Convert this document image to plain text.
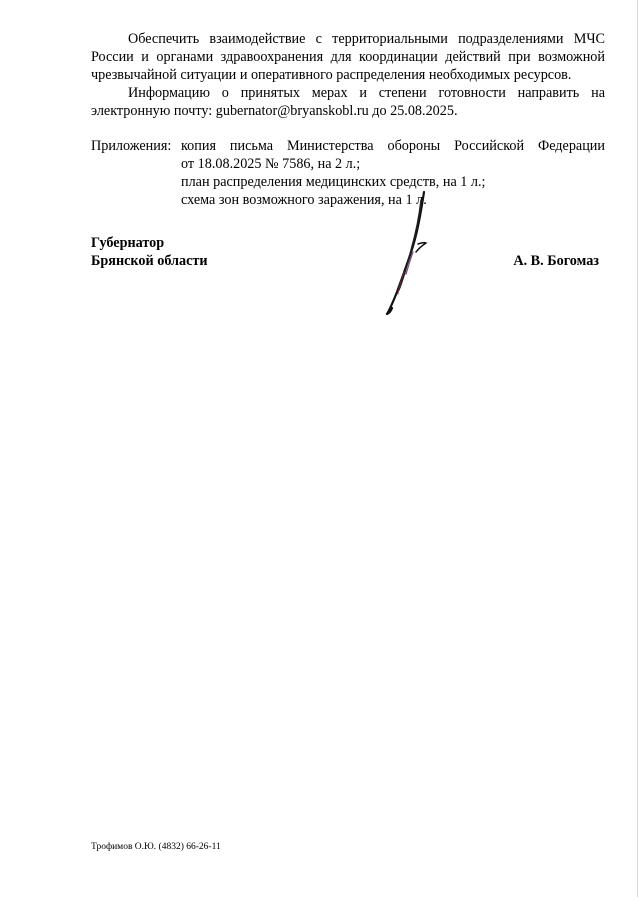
Обеспечить взаимодействие с территориальными подразделениями МЧС России и органами здравоохранения для координации действий при возможной чрезвычайной ситуации и оперативного распределения необходимых ресурсов.

Информацию о принятых мерах и степени готовности направить на электронную почту: gubernator@bryanskobl.ru до 25.08.2025.

Приложения: копия письма Министерства обороны Российской Федерации
от 18.08.2025 № 7586, на 2 л.;
план распределения медицинских средств, на 1 л.;
схема зон возможного заражения, на 1 л.
Губернатор
Брянской области	А. В. Богомаз
Трофимов О.Ю. (4832) 66-26-11
